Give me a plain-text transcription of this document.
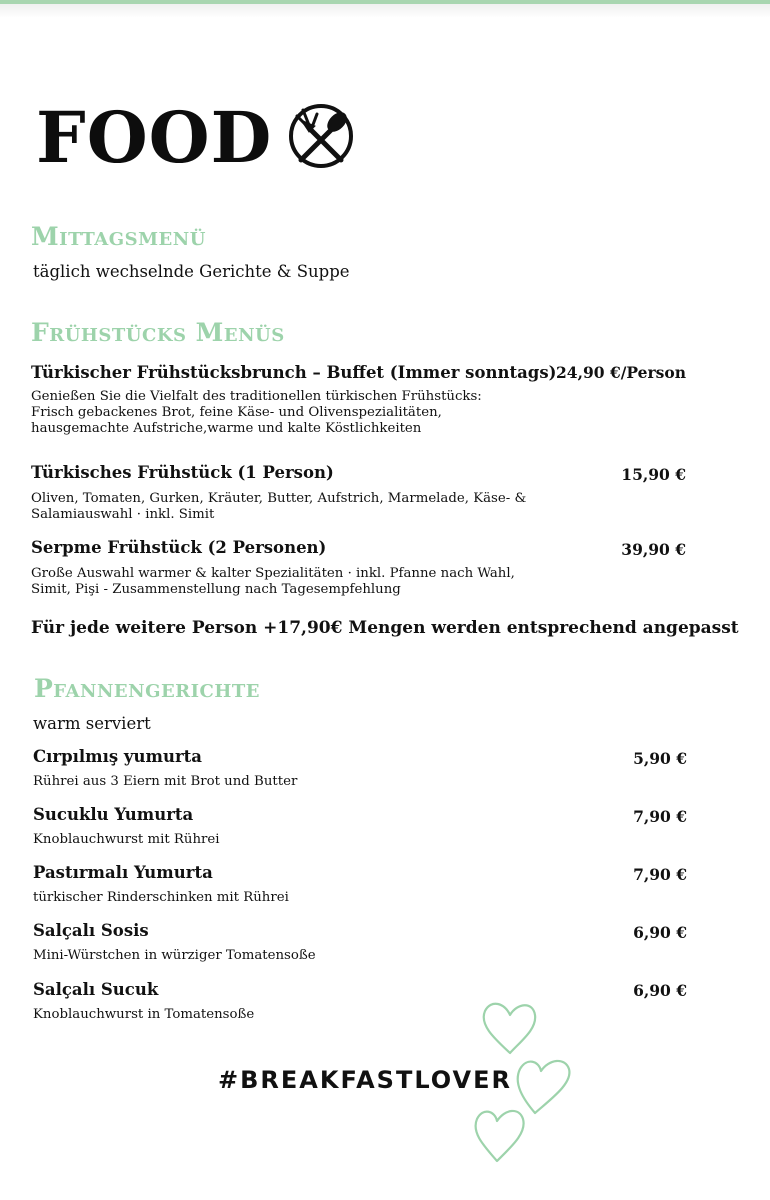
FOOD
Mittagsmenü
täglich wechselnde Gerichte & Suppe
Frühstücks Menüs
Türkischer Frühstücksbrunch – Buffet (Immer sonntags) 24,90 €/Person
Genießen Sie die Vielfalt des traditionellen türkischen Frühstücks:
Frisch gebackenes Brot, feine Käse- und Olivenspezialitäten,
hausgemachte Aufstriche,warme und kalte Köstlichkeiten
Türkisches Frühstück (1 Person)	15,90 €
Oliven, Tomaten, Gurken, Kräuter, Butter, Aufstrich, Marmelade, Käse- &
Salamiauswahl · inkl. Simit
Serpme Frühstück (2 Personen)	39,90 €
Große Auswahl warmer & kalter Spezialitäten · inkl. Pfanne nach Wahl,
Simit, Pişi - Zusammenstellung nach Tagesempfehlung
Für jede weitere Person +17,90€ Mengen werden entsprechend angepasst
Pfannengerichte
warm serviert
Cırpılmış yumurta	5,90 €
Rührei aus 3 Eiern mit Brot und Butter
Sucuklu Yumurta	7,90 €
Knoblauchwurst mit Rührei
Pastırmalı Yumurta	7,90 €
türkischer Rinderschinken mit Rührei
Salçalı Sosis	6,90 €
Mini-Würstchen in würziger Tomatensoße
Salçalı Sucuk	6,90 €
Knoblauchwurst in Tomatensoße
#BREAKFASTLOVER
